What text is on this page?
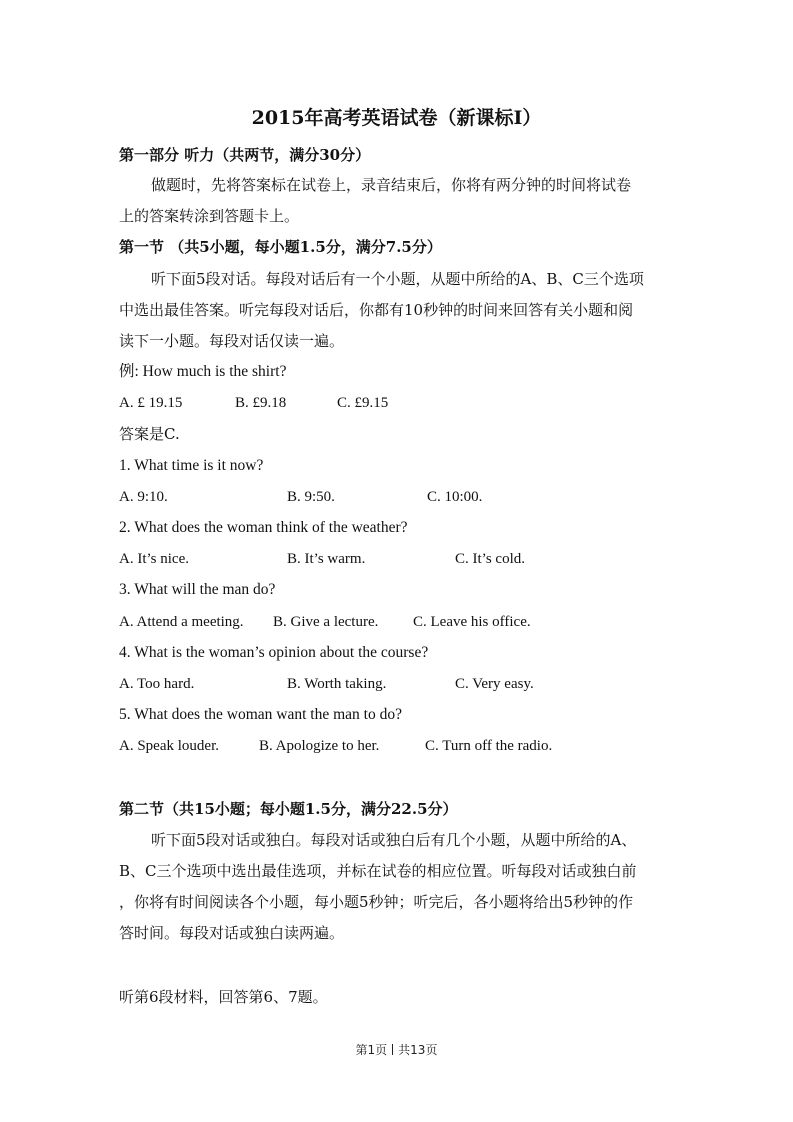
2015年高考英语试卷（新课标Ⅰ）
第一部分 听力（共两节，满分30分）
做题时，先将答案标在试卷上，录音结束后，你将有两分钟的时间将试卷
上的答案转涂到答题卡上。
第一节 （共5小题，每小题1.5分，满分7.5分）
听下面5段对话。每段对话后有一个小题，从题中所给的A、B、C三个选项
中选出最佳答案。听完每段对话后，你都有10秒钟的时间来回答有关小题和阅
读下一小题。每段对话仅读一遍。
例: How much is the shirt?
A. £ 19.15	B. £9.18	C. £9.15
答案是C.
1. What time is it now?
A. 9:10.	B. 9:50.	C. 10:00.
2. What does the woman think of the weather?
A. It’s nice.	B. It’s warm.	C. It’s cold.
3. What will the man do?
A. Attend a meeting. B. Give a lecture. C. Leave his office.
4. What is the woman’s opinion about the course?
A. Too hard.	B. Worth taking.	C. Very easy.
5. What does the woman want the man to do?
A. Speak louder.	B. Apologize to her.	C. Turn off the radio.
第二节（共15小题；每小题1.5分，满分22.5分）
听下面5段对话或独白。每段对话或独白后有几个小题，从题中所给的A、
B、C三个选项中选出最佳选项，并标在试卷的相应位置。听每段对话或独白前
，你将有时间阅读各个小题，每小题5秒钟；听完后，各小题将给出5秒钟的作
答时间。每段对话或独白读两遍。
听第6段材料，回答第6、7题。
第1页 共13页
